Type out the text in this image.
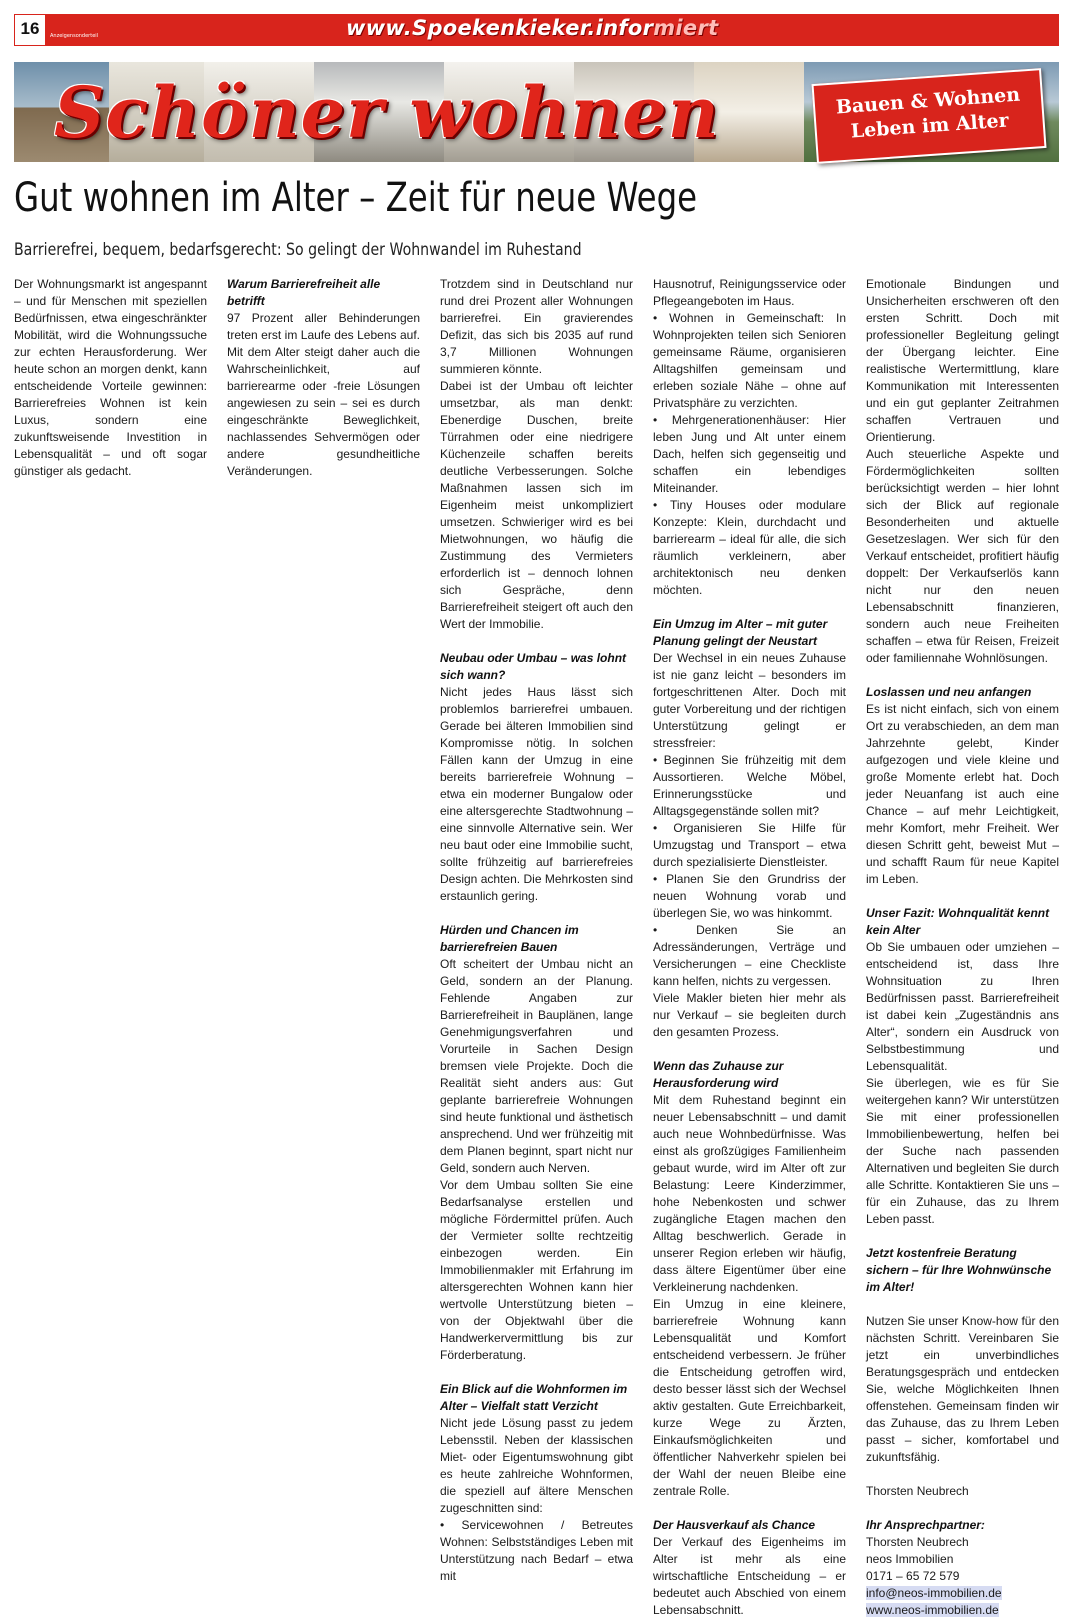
16	Anzeigensonderteil	www.Spoekenkieker.informiert
Schöner wohnen	Bauen & Wohnen
Leben im Alter
Gut wohnen im Alter – Zeit für neue Wege
Barrierefrei, bequem, bedarfsgerecht: So gelingt der Wohnwandel im Ruhestand

Der Wohnungsmarkt ist angespannt – und für Menschen mit speziellen Bedürfnissen, etwa eingeschränkter Mobilität, wird die Wohnungssuche zur echten Herausforderung. Wer heute schon an morgen denkt, kann entscheidende Vorteile gewinnen: Barrierefreies Wohnen ist kein Luxus, sondern eine zukunftsweisende Investition in Lebensqualität – und oft sogar günstiger als gedacht.

Warum Barrierefreiheit alle betrifft

97 Prozent aller Behinderungen treten erst im Laufe des Lebens auf. Mit dem Alter steigt daher auch die Wahrscheinlichkeit, auf barrierearme oder -freie Lösungen angewiesen zu sein – sei es durch eingeschränkte Beweglichkeit, nachlassendes Sehvermögen oder andere gesundheitliche Veränderungen.

Trotzdem sind in Deutschland nur rund drei Prozent aller Wohnungen barrierefrei. Ein gravierendes Defizit, das sich bis 2035 auf rund 3,7 Millionen Wohnungen summieren könnte.

Dabei ist der Umbau oft leichter umsetzbar, als man denkt: Ebenerdige Duschen, breite Türrahmen oder eine niedrigere Küchenzeile schaffen bereits deutliche Verbesserungen. Solche Maßnahmen lassen sich im Eigenheim meist unkompliziert umsetzen. Schwieriger wird es bei Mietwohnungen, wo häufig die Zustimmung des Vermieters erforderlich ist – dennoch lohnen sich Gespräche, denn Barrierefreiheit steigert oft auch den Wert der Immobilie.

Neubau oder Umbau – was lohnt sich wann?

Nicht jedes Haus lässt sich problemlos barrierefrei umbauen. Gerade bei älteren Immobilien sind Kompromisse nötig. In solchen Fällen kann der Umzug in eine bereits barrierefreie Wohnung – etwa ein moderner Bungalow oder eine altersgerechte Stadtwohnung – eine sinnvolle Alternative sein. Wer neu baut oder eine Immobilie sucht, sollte frühzeitig auf barrierefreies Design achten. Die Mehrkosten sind erstaunlich gering.

Hürden und Chancen im barrierefreien Bauen

Oft scheitert der Umbau nicht an Geld, sondern an der Planung. Fehlende Angaben zur Barrierefreiheit in Bauplänen, lange Genehmigungsverfahren und Vorurteile in Sachen Design bremsen viele Projekte. Doch die Realität sieht anders aus: Gut geplante barrierefreie Wohnungen sind heute funktional und ästhetisch ansprechend. Und wer frühzeitig mit dem Planen beginnt, spart nicht nur Geld, sondern auch Nerven.

Vor dem Umbau sollten Sie eine Bedarfsanalyse erstellen und mögliche Fördermittel prüfen. Auch der Vermieter sollte rechtzeitig einbezogen werden. Ein Immobilienmakler mit Erfahrung im altersgerechten Wohnen kann hier wertvolle Unterstützung bieten – von der Objektwahl über die Handwerkervermittlung bis zur Förderberatung.

Ein Blick auf die Wohnformen im Alter – Vielfalt statt Verzicht

Nicht jede Lösung passt zu jedem Lebensstil. Neben der klassischen Miet- oder Eigentumswohnung gibt es heute zahlreiche Wohnformen, die speziell auf ältere Menschen zugeschnitten sind:

• Servicewohnen / Betreutes Wohnen: Selbstständiges Leben mit Unterstützung nach Bedarf – etwa mit

Hausnotruf, Reinigungsservice oder Pflegeangeboten im Haus.

• Wohnen in Gemeinschaft: In Wohnprojekten teilen sich Senioren gemeinsame Räume, organisieren Alltagshilfen gemeinsam und erleben soziale Nähe – ohne auf Privatsphäre zu verzichten.

• Mehrgenerationenhäuser: Hier leben Jung und Alt unter einem Dach, helfen sich gegenseitig und schaffen ein lebendiges Miteinander.

• Tiny Houses oder modulare Konzepte: Klein, durchdacht und barrierearm – ideal für alle, die sich räumlich verkleinern, aber architektonisch neu denken möchten.

Ein Umzug im Alter – mit guter Planung gelingt der Neustart

Der Wechsel in ein neues Zuhause ist nie ganz leicht – besonders im fortgeschrittenen Alter. Doch mit guter Vorbereitung und der richtigen Unterstützung gelingt er stressfreier:

• Beginnen Sie frühzeitig mit dem Aussortieren. Welche Möbel, Erinnerungsstücke und Alltagsgegenstände sollen mit?

• Organisieren Sie Hilfe für Umzugstag und Transport – etwa durch spezialisierte Dienstleister.

• Planen Sie den Grundriss der neuen Wohnung vorab und überlegen Sie, wo was hinkommt.

• Denken Sie an Adressänderungen, Verträge und Versicherungen – eine Checkliste kann helfen, nichts zu vergessen.

Viele Makler bieten hier mehr als nur Verkauf – sie begleiten durch den gesamten Prozess.

Wenn das Zuhause zur Herausforderung wird

Mit dem Ruhestand beginnt ein neuer Lebensabschnitt – und damit auch neue Wohnbedürfnisse. Was einst als großzügiges Familienheim gebaut wurde, wird im Alter oft zur Belastung: Leere Kinderzimmer, hohe Nebenkosten und schwer zugängliche Etagen machen den Alltag beschwerlich. Gerade in unserer Region erleben wir häufig, dass ältere Eigentümer über eine Verkleinerung nachdenken.

Ein Umzug in eine kleinere, barrierefreie Wohnung kann Lebensqualität und Komfort entscheidend verbessern. Je früher die Entscheidung getroffen wird, desto besser lässt sich der Wechsel aktiv gestalten. Gute Erreichbarkeit, kurze Wege zu Ärzten, Einkaufsmöglichkeiten und öffentlicher Nahverkehr spielen bei der Wahl der neuen Bleibe eine zentrale Rolle.

Der Hausverkauf als Chance

Der Verkauf des Eigenheims im Alter ist mehr als eine wirtschaftliche Entscheidung – er bedeutet auch Abschied von einem Lebensabschnitt.

Emotionale Bindungen und Unsicherheiten erschweren oft den ersten Schritt. Doch mit professioneller Begleitung gelingt der Übergang leichter. Eine realistische Wertermittlung, klare Kommunikation mit Interessenten und ein gut geplanter Zeitrahmen schaffen Vertrauen und Orientierung.

Auch steuerliche Aspekte und Fördermöglichkeiten sollten berücksichtigt werden – hier lohnt sich der Blick auf regionale Besonderheiten und aktuelle Gesetzeslagen. Wer sich für den Verkauf entscheidet, profitiert häufig doppelt: Der Verkaufserlös kann nicht nur den neuen Lebensabschnitt finanzieren, sondern auch neue Freiheiten schaffen – etwa für Reisen, Freizeit oder familiennahe Wohnlösungen.

Loslassen und neu anfangen

Es ist nicht einfach, sich von einem Ort zu verabschieden, an dem man Jahrzehnte gelebt, Kinder aufgezogen und viele kleine und große Momente erlebt hat. Doch jeder Neuanfang ist auch eine Chance – auf mehr Leichtigkeit, mehr Komfort, mehr Freiheit. Wer diesen Schritt geht, beweist Mut – und schafft Raum für neue Kapitel im Leben.

Unser Fazit: Wohnqualität kennt kein Alter

Ob Sie umbauen oder umziehen – entscheidend ist, dass Ihre Wohnsituation zu Ihren Bedürfnissen passt. Barrierefreiheit ist dabei kein „Zugeständnis ans Alter“, sondern ein Ausdruck von Selbstbestimmung und Lebensqualität.

Sie überlegen, wie es für Sie weitergehen kann? Wir unterstützen Sie mit einer professionellen Immobilienbewertung, helfen bei der Suche nach passenden Alternativen und begleiten Sie durch alle Schritte. Kontaktieren Sie uns – für ein Zuhause, das zu Ihrem Leben passt.

Jetzt kostenfreie Beratung sichern – für Ihre Wohnwünsche im Alter!

Nutzen Sie unser Know-how für den nächsten Schritt. Vereinbaren Sie jetzt ein unverbindliches Beratungsgespräch und entdecken Sie, welche Möglichkeiten Ihnen offenstehen. Gemeinsam finden wir das Zuhause, das zu Ihrem Leben passt – sicher, komfortabel und zukunftsfähig.

Thorsten Neubrech

Ihr Ansprechpartner:

Thorsten Neubrech

neos Immobilien

0171 – 65 72 579

info@neos-immobilien.de

www.neos-immobilien.de
